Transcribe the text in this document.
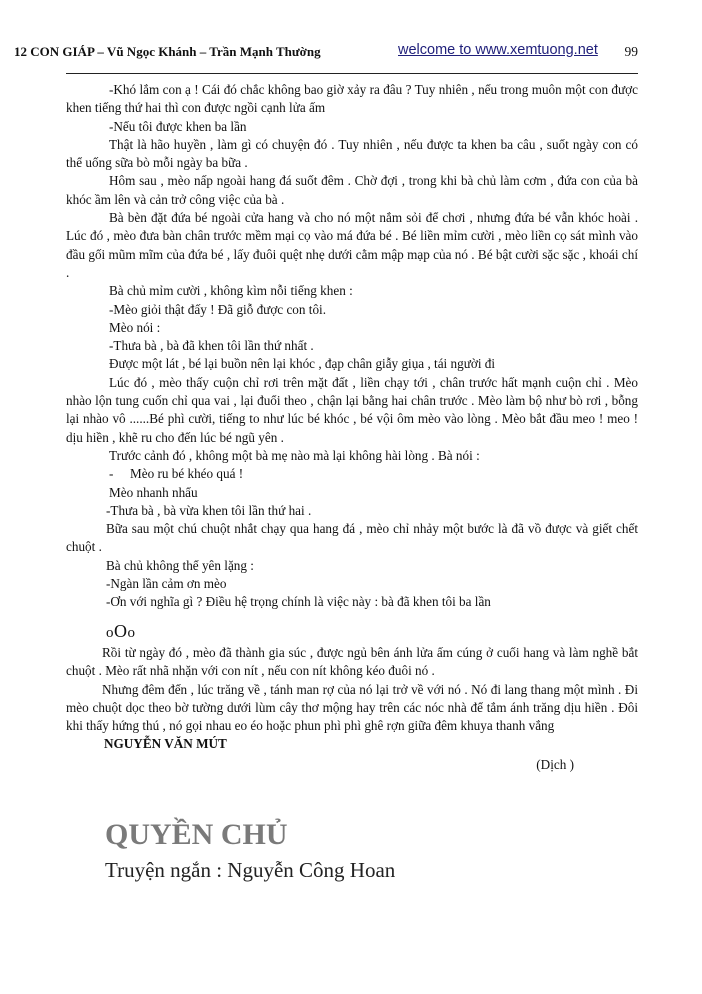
12 CON GIÁP – Vũ Ngọc Khánh – Trần Mạnh Thường	welcome to www.xemtuong.net 99

-Khó lắm con ạ ! Cái đó chắc không bao giờ xảy ra đâu ? Tuy nhiên , nếu trong muôn một con được khen tiếng thứ hai thì con được ngồi cạnh lửa ấm

-Nếu tôi được khen ba lần

Thật là hão huyền , làm gì có chuyện đó . Tuy nhiên , nếu được ta khen ba câu , suốt ngày con có thể uống sữa bò mỗi ngày ba bữa .

Hôm sau , mèo nấp ngoài hang đá suốt đêm . Chờ đợi , trong khi bà chủ làm cơm , đứa con của bà khóc ầm lên và cản trở công việc của bà .

Bà bèn đặt đứa bé ngoài cửa hang và cho nó một nắm sỏi để chơi , nhưng đứa bé vẫn khóc hoài . Lúc đó , mèo đưa bàn chân trước mềm mại cọ vào má đứa bé . Bé liền mỉm cười , mèo liền cọ sát mình vào đầu gối mũm mĩm của đứa bé , lấy đuôi quệt nhẹ dưới cằm mập mạp của nó . Bé bật cười sặc sặc , khoái chí .

Bà chủ mỉm cười , không kìm nỗi tiếng khen :

-Mèo giỏi thật đấy ! Đã giỗ được con tôi.

Mèo nói :

-Thưa bà , bà đã khen tôi lần thứ nhất .

Được một lát , bé lại buồn nên lại khóc , đạp chân giẫy giụa , tái người đi

Lúc đó , mèo thấy cuộn chỉ rơi trên mặt đất , liền chạy tới , chân trước hất mạnh cuộn chỉ . Mèo nhào lộn tung cuốn chỉ qua vai , lại đuổi theo , chận lại bằng hai chân trước . Mèo làm bộ như bò rơi , bỗng lại nhào vô ......Bé phì cười, tiếng to như lúc bé khóc , bé vội ôm mèo vào lòng . Mèo bắt đầu meo ! meo ! dịu hiền , khẽ ru cho đến lúc bé ngũ yên .

Trước cảnh đó , không một bà mẹ nào mà lại không hài lòng . Bà nói :

- Mèo ru bé khéo quá !

Mèo nhanh nhẩu

-Thưa bà , bà vừa khen tôi lần thứ hai .

Bữa sau một chú chuột nhắt chạy qua hang đá , mèo chỉ nhảy một bước là đã vồ được và giết chết chuột .

Bà chủ không thể yên lặng :

-Ngàn lần cảm ơn mèo

-Ơn với nghĩa gì ? Điều hệ trọng chính là việc này : bà đã khen tôi ba lần

oOo

Rồi từ ngày đó , mèo đã thành gia súc , được ngủ bên ánh lửa ấm cúng ở cuối hang và làm nghề bắt chuột . Mèo rất nhã nhặn với con nít , nếu con nít không kéo đuôi nó .

Nhưng đêm đến , lúc trăng về , tánh man rợ của nó lại trở về với nó . Nó đi lang thang một mình . Đi mèo chuột dọc theo bờ tường dưới lùm cây thơ mộng hay trên các nóc nhà để tắm ánh trăng dịu hiền . Đôi khi thấy hứng thú , nó gọi nhau eo éo hoặc phun phì phì ghê rợn giữa đêm khuya thanh vắng

NGUYỄN VĂN MÚT

(Dịch )

QUYỀN CHỦ
Truyện ngắn : Nguyễn Công Hoan
